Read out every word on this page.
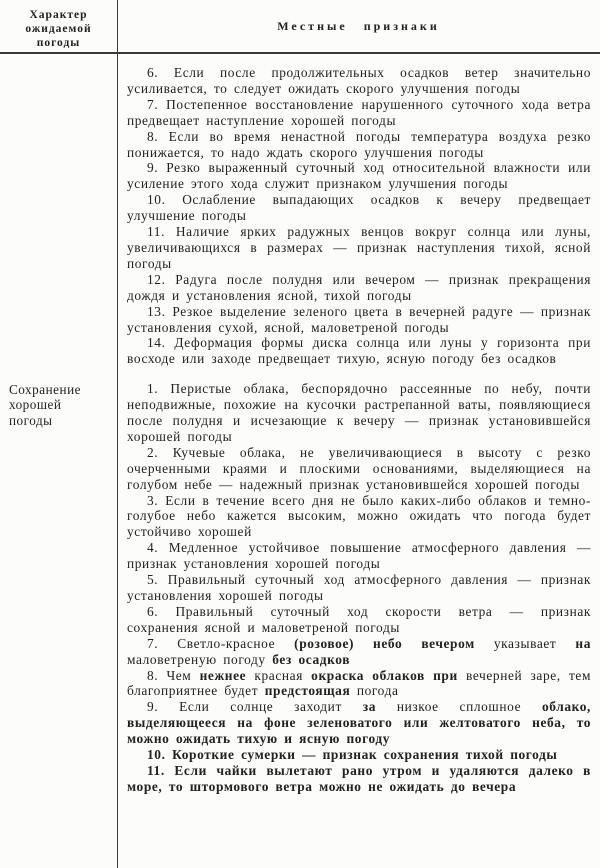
Характер ожидаемой погоды
Местные признаки

6. Если после продолжительных осадков ветер значительно усиливается, то следует ожидать скорого улучшения погоды

7. Постепенное восстановление нарушенного суточного хода ветра предвещает наступление хорошей погоды

8. Если во время ненастной погоды температура воздуха резко понижается, то надо ждать скорого улучшения погоды

9. Резко выраженный суточный ход относительной влажности или усиление этого хода служит признаком улучшения погоды

10. Ослабление выпадающих осадков к вечеру предвещает улучшение погоды

11. Наличие ярких радужных венцов вокруг солнца или луны, увеличивающихся в размерах — признак наступления тихой, ясной погоды

12. Радуга после полудня или вечером — признак прекращения дождя и установления ясной, тихой погоды

13. Резкое выделение зеленого цвета в вечерней радуге — признак установления сухой, ясной, маловетреной погоды

14. Деформация формы диска солнца или луны у горизонта при восходе или заходе предвещает тихую, ясную погоду без осадков

Сохранение хорошей погоды

1. Перистые облака, беспорядочно рассеянные по небу, почти неподвижные, похожие на кусочки растрепанной ваты, появляющиеся после полудня и исчезающие к вечеру — признак установившейся хорошей погоды

2. Кучевые облака, не увеличивающиеся в высоту с резко очерченными краями и плоскими основаниями, выделяющиеся на голубом небе — надежный признак установившейся хорошей погоды

3. Если в течение всего дня не было каких-либо облаков и темно-голубое небо кажется высоким, можно ожидать что погода будет устойчиво хорошей

4. Медленное устойчивое повышение атмосферного давления — признак установления хорошей погоды

5. Правильный суточный ход атмосферного давления — признак установления хорошей погоды

6. Правильный суточный ход скорости ветра — признак сохранения ясной и маловетреной погоды

7. Светло-красное (розовое) небо вечером указывает на маловетреную погоду без осадков

8. Чем нежнее красная окраска облаков при вечерней заре, тем благоприятнее будет предстоящая погода

9. Если солнце заходит за низкое сплошное облако, выделяющееся на фоне зеленоватого или желтоватого неба, то можно ожидать тихую и ясную погоду

10. Короткие сумерки — признак сохранения тихой погоды

11. Если чайки вылетают рано утром и удаляются далеко в море, то штормового ветра можно не ожидать до вечера
